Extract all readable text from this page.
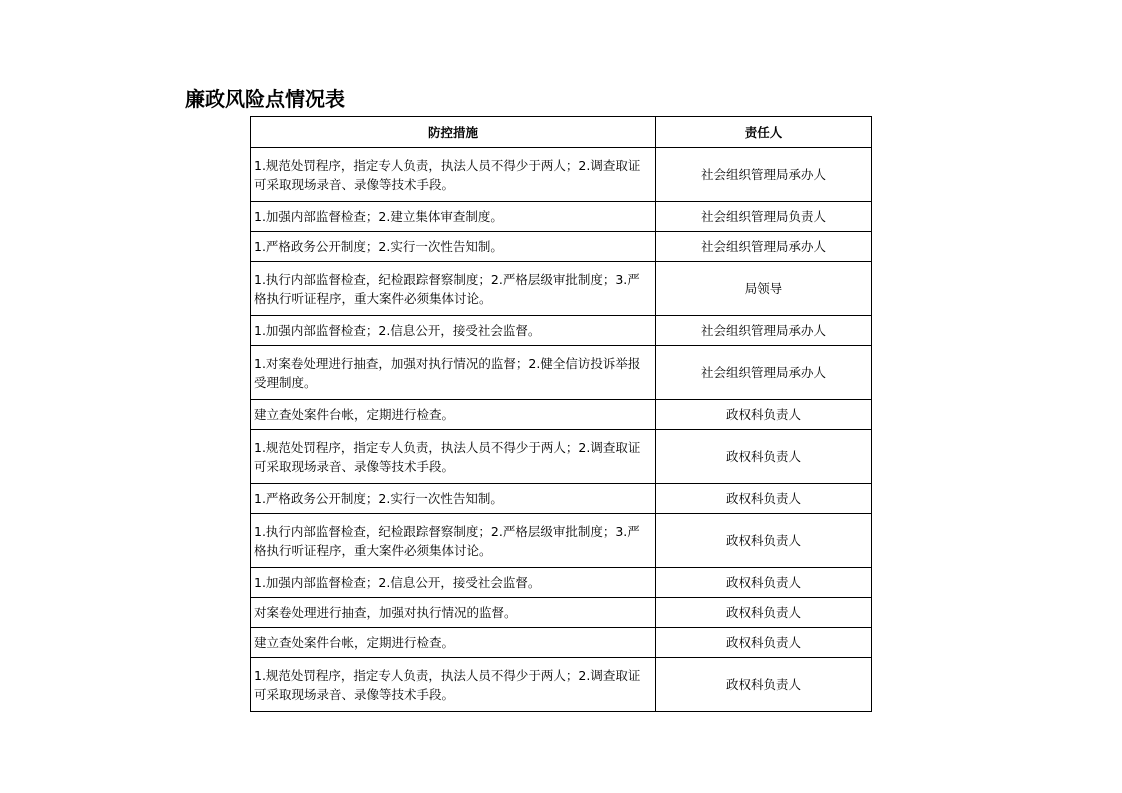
廉政风险点情况表
防控措施	责任人
1.规范处罚程序，指定专人负责，执法人员不得少于两人；2.调查取证可采取现场录音、录像等技术手段。	社会组织管理局承办人
1.加强内部监督检查；2.建立集体审查制度。	社会组织管理局负责人
1.严格政务公开制度；2.实行一次性告知制。	社会组织管理局承办人
1.执行内部监督检查，纪检跟踪督察制度；2.严格层级审批制度；3.严格执行听证程序，重大案件必须集体讨论。	局领导
1.加强内部监督检查；2.信息公开，接受社会监督。	社会组织管理局承办人
1.对案卷处理进行抽查，加强对执行情况的监督；2.健全信访投诉举报受理制度。	社会组织管理局承办人
建立查处案件台帐，定期进行检查。	政权科负责人
1.规范处罚程序，指定专人负责，执法人员不得少于两人；2.调查取证可采取现场录音、录像等技术手段。	政权科负责人
1.严格政务公开制度；2.实行一次性告知制。	政权科负责人
1.执行内部监督检查，纪检跟踪督察制度；2.严格层级审批制度；3.严格执行听证程序，重大案件必须集体讨论。	政权科负责人
1.加强内部监督检查；2.信息公开，接受社会监督。	政权科负责人
对案卷处理进行抽查，加强对执行情况的监督。	政权科负责人
建立查处案件台帐，定期进行检查。	政权科负责人
1.规范处罚程序，指定专人负责，执法人员不得少于两人；2.调查取证可采取现场录音、录像等技术手段。	政权科负责人
